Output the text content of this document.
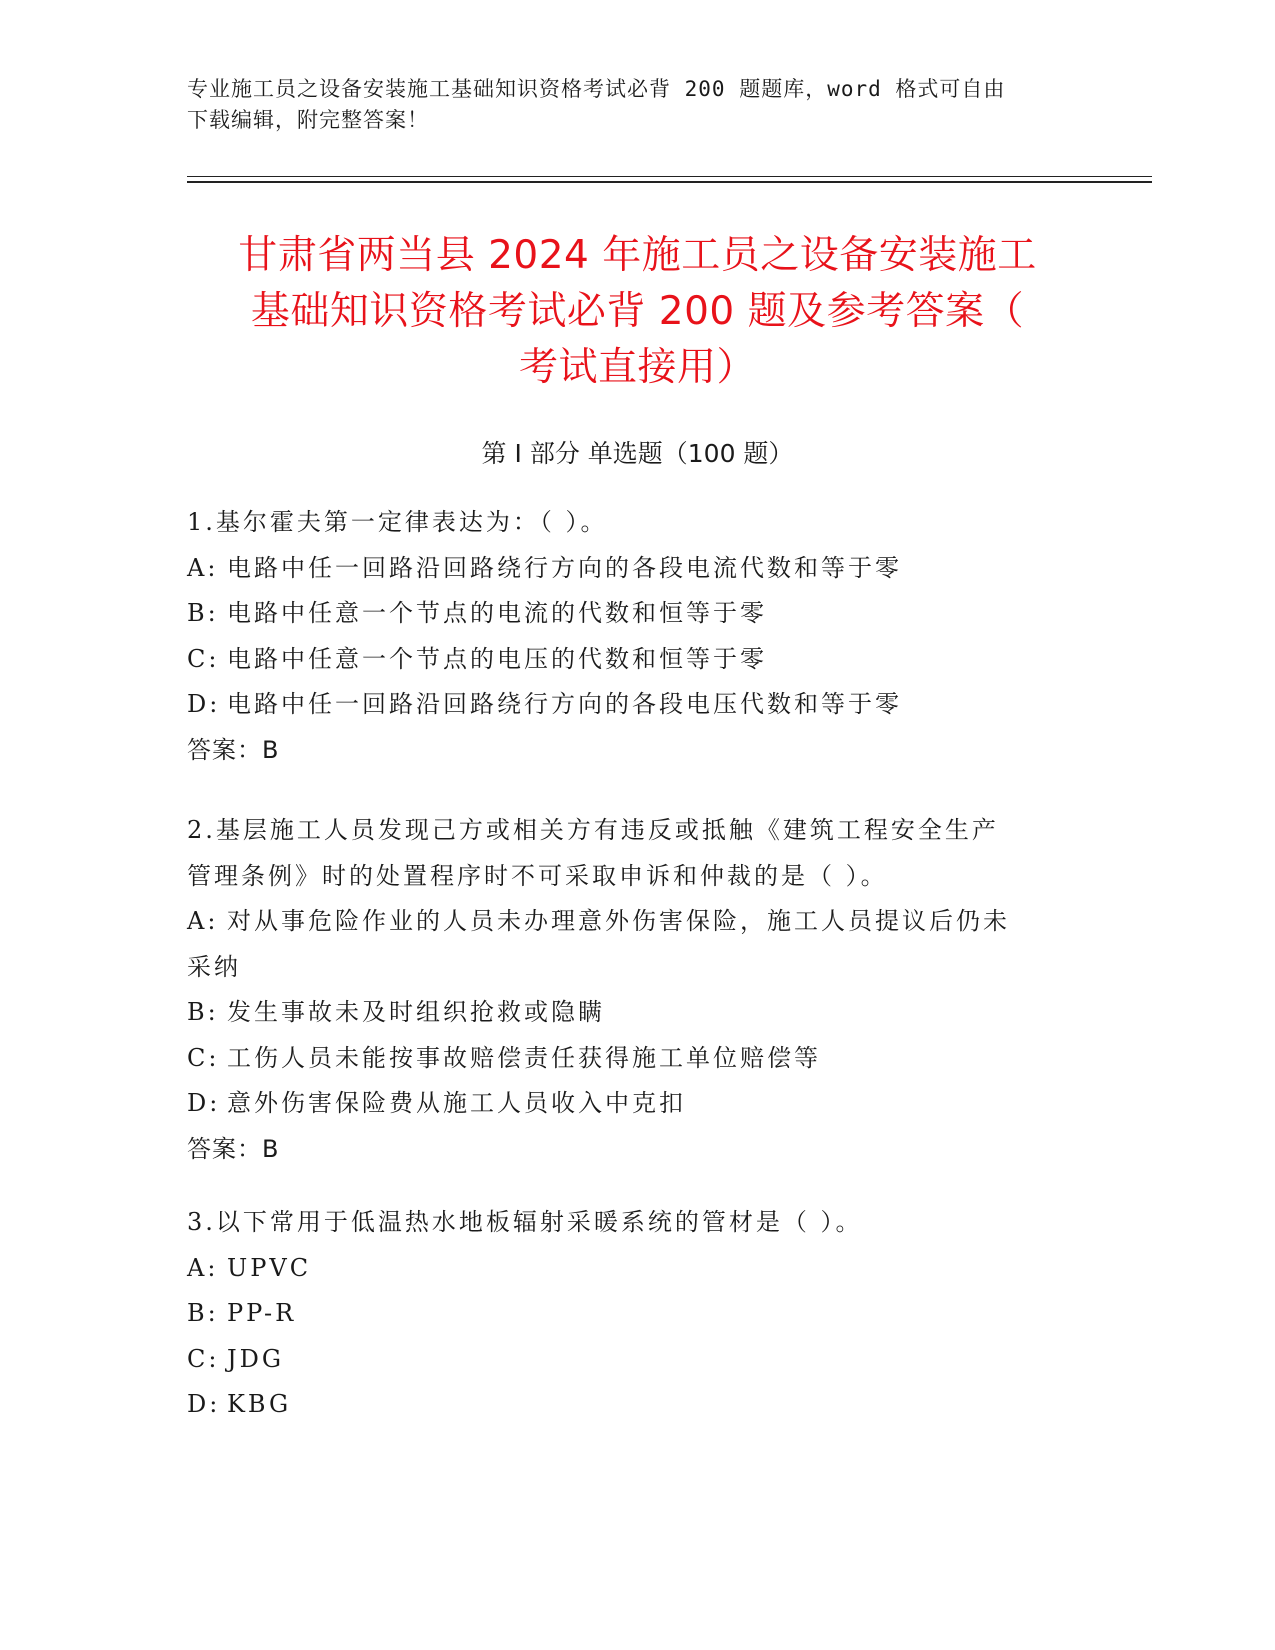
专业施工员之设备安装施工基础知识资格考试必背 200 题题库，word 格式可自由
下载编辑，附完整答案！
甘肃省两当县 2024 年施工员之设备安装施工
基础知识资格考试必背 200 题及参考答案（
考试直接用）
第 I 部分 单选题（100 题）
1.基尔霍夫第一定律表达为：（ ）。
A: 电路中任一回路沿回路绕行方向的各段电流代数和等于零
B: 电路中任意一个节点的电流的代数和恒等于零
C: 电路中任意一个节点的电压的代数和恒等于零
D: 电路中任一回路沿回路绕行方向的各段电压代数和等于零
答案：B
2.基层施工人员发现己方或相关方有违反或抵触《建筑工程安全生产
管理条例》时的处置程序时不可采取申诉和仲裁的是（ ）。
A: 对从事危险作业的人员未办理意外伤害保险，施工人员提议后仍未
采纳
B: 发生事故未及时组织抢救或隐瞒
C: 工伤人员未能按事故赔偿责任获得施工单位赔偿等
D: 意外伤害保险费从施工人员收入中克扣
答案：B
3.以下常用于低温热水地板辐射采暖系统的管材是（ ）。
A: UPVC
B: PP-R
C: JDG
D: KBG
